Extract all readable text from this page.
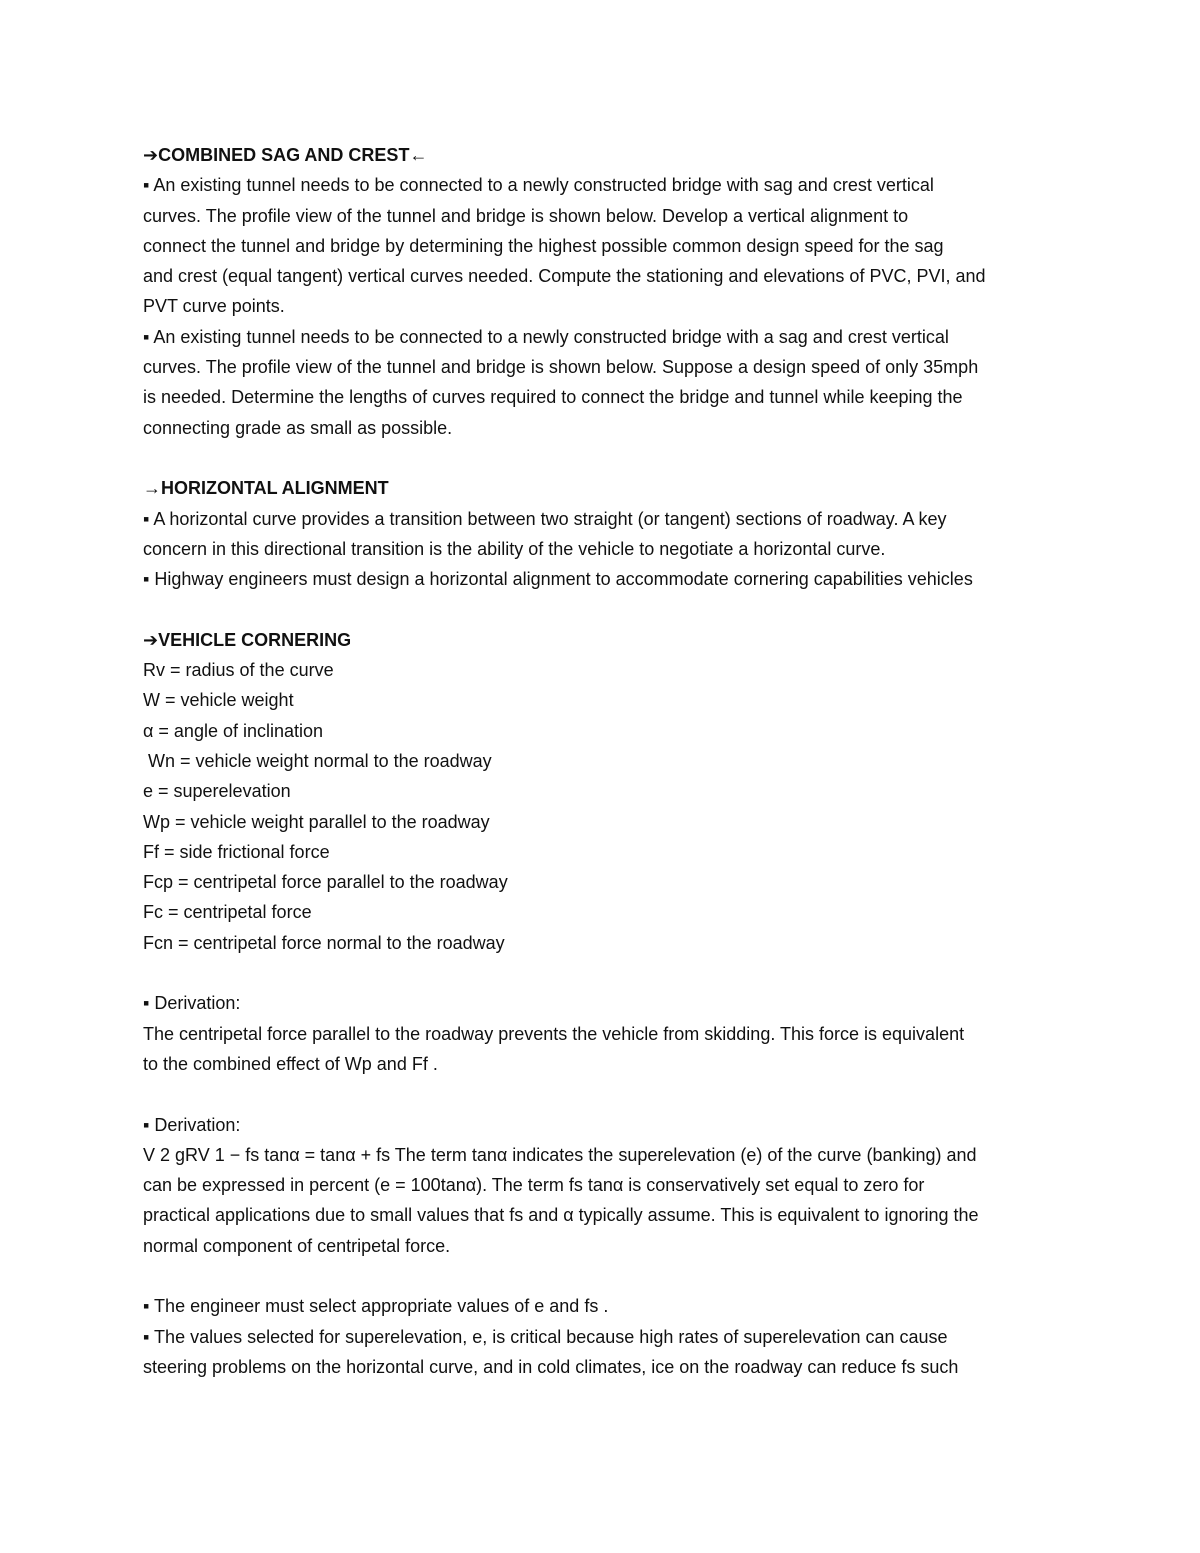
➔COMBINED SAG AND CREST←
▪ An existing tunnel needs to be connected to a newly constructed bridge with sag and crest vertical
curves. The profile view of the tunnel and bridge is shown below. Develop a vertical alignment to
connect the tunnel and bridge by determining the highest possible common design speed for the sag
and crest (equal tangent) vertical curves needed. Compute the stationing and elevations of PVC, PVI, and
PVT curve points.
▪ An existing tunnel needs to be connected to a newly constructed bridge with a sag and crest vertical
curves. The profile view of the tunnel and bridge is shown below. Suppose a design speed of only 35mph
is needed. Determine the lengths of curves required to connect the bridge and tunnel while keeping the
connecting grade as small as possible.
→HORIZONTAL ALIGNMENT
▪ A horizontal curve provides a transition between two straight (or tangent) sections of roadway. A key
concern in this directional transition is the ability of the vehicle to negotiate a horizontal curve.
▪ Highway engineers must design a horizontal alignment to accommodate cornering capabilities vehicles
➔VEHICLE CORNERING
Rv = radius of the curve
W = vehicle weight
α = angle of inclination
Wn = vehicle weight normal to the roadway
e = superelevation
Wp = vehicle weight parallel to the roadway
Ff = side frictional force
Fcp = centripetal force parallel to the roadway
Fc = centripetal force
Fcn = centripetal force normal to the roadway
▪ Derivation:
The centripetal force parallel to the roadway prevents the vehicle from skidding. This force is equivalent
to the combined effect of Wp and Ff .
▪ Derivation:
V 2 gRV 1 − fs tanα = tanα + fs The term tanα indicates the superelevation (e) of the curve (banking) and
can be expressed in percent (e = 100tanα). The term fs tanα is conservatively set equal to zero for
practical applications due to small values that fs and α typically assume. This is equivalent to ignoring the
normal component of centripetal force.
▪ The engineer must select appropriate values of e and fs .
▪ The values selected for superelevation, e, is critical because high rates of superelevation can cause
steering problems on the horizontal curve, and in cold climates, ice on the roadway can reduce fs such
